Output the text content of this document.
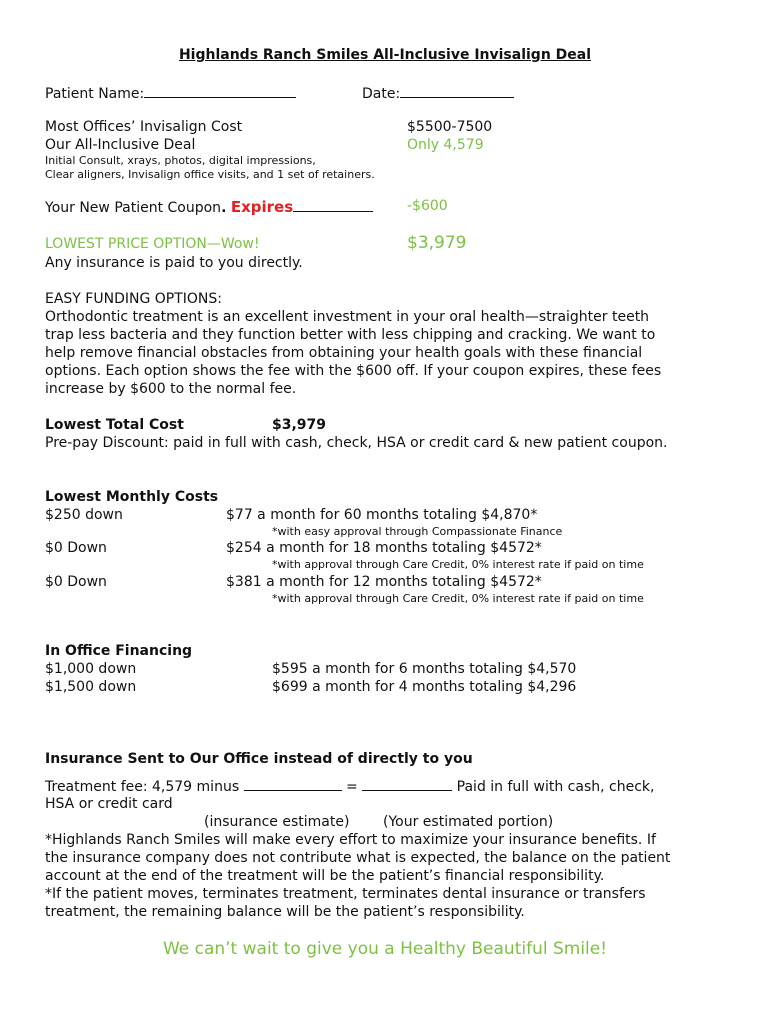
Highlands Ranch Smiles All-Inclusive Invisalign Deal
Patient Name:	Date:
Most Offices’ Invisalign Cost	$5500-7500
Our All-Inclusive Deal	Only 4,579
Initial Consult, xrays, photos, digital impressions,
Clear aligners, Invisalign office visits, and 1 set of retainers.
Your New Patient Coupon. Expires	-$600
LOWEST PRICE OPTION—Wow!	$3,979
Any insurance is paid to you directly.
EASY FUNDING OPTIONS:
Orthodontic treatment is an excellent investment in your oral health—straighter teeth
trap less bacteria and they function better with less chipping and cracking. We want to
help remove financial obstacles from obtaining your health goals with these financial
options. Each option shows the fee with the $600 off. If your coupon expires, these fees
increase by $600 to the normal fee.
Lowest Total Cost	$3,979
Pre-pay Discount: paid in full with cash, check, HSA or credit card & new patient coupon.
Lowest Monthly Costs
$250 down	$77 a month for 60 months totaling $4,870*
*with easy approval through Compassionate Finance
$0 Down	$254 a month for 18 months totaling $4572*
*with approval through Care Credit, 0% interest rate if paid on time
$0 Down	$381 a month for 12 months totaling $4572*
*with approval through Care Credit, 0% interest rate if paid on time
In Office Financing
$1,000 down	$595 a month for 6 months totaling $4,570
$1,500 down	$699 a month for 4 months totaling $4,296
Insurance Sent to Our Office instead of directly to you
Treatment fee: 4,579 minus	=	Paid in full with cash, check,
HSA or credit card
(insurance estimate) (Your estimated portion)
*Highlands Ranch Smiles will make every effort to maximize your insurance benefits. If
the insurance company does not contribute what is expected, the balance on the patient
account at the end of the treatment will be the patient’s financial responsibility.
*If the patient moves, terminates treatment, terminates dental insurance or transfers
treatment, the remaining balance will be the patient’s responsibility.
We can’t wait to give you a Healthy Beautiful Smile!
